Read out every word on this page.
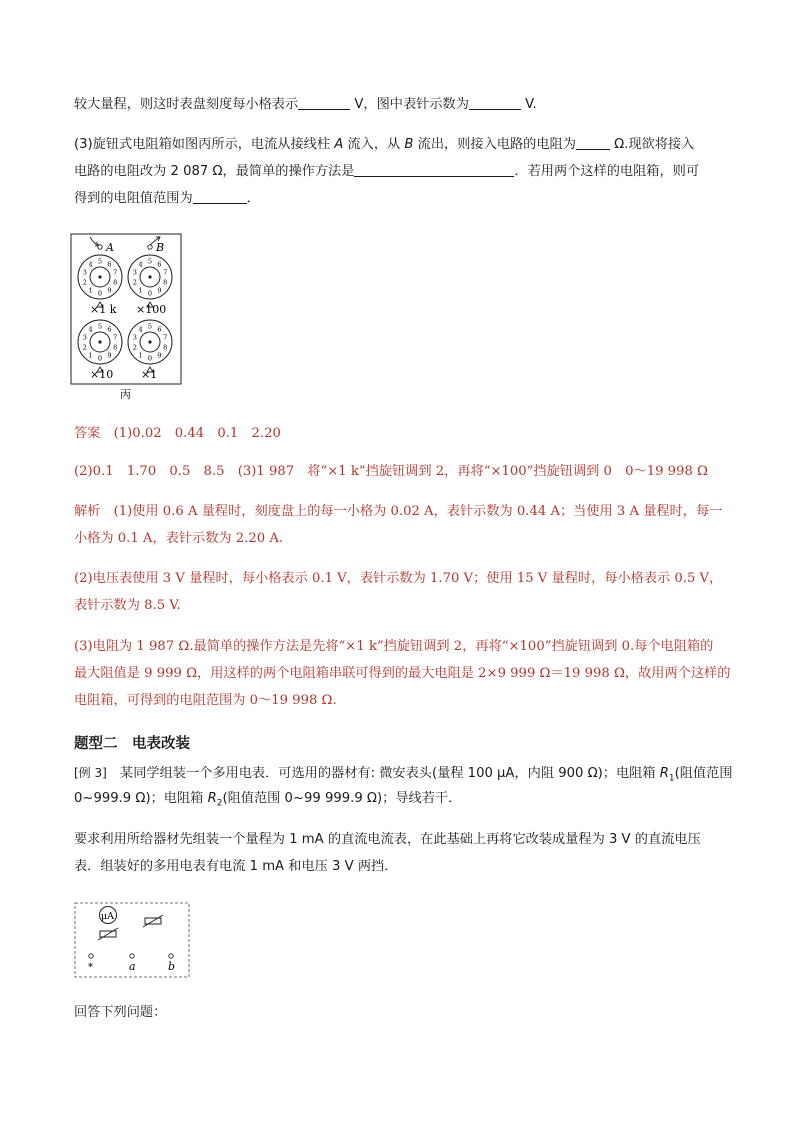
较大量程，则这时表盘刻度每小格表示	V，图中表针示数为	V.
(3)旋钮式电阻箱如图丙所示，电流从接线柱 A 流入，从 B 流出，则接入电路的电阻为	Ω.现欲将接入
电路的电阻改为 2 087 Ω，最简单的操作方法是	．若用两个这样的电阻箱，则可
得到的电阻值范围为	．
A	B
0
1
2
3
4 5 6
7
8
9	0
1
2
3
4 5 6
7
8
9
0
1
2
3
4 5 6
7
8
9	0
1
2
3
4 5 6
7
8
9
×1 k ×100
×10	×1
丙
答案　 (1)0.02　0.44　0.1　2.20
(2)0.1　1.70　0.5　8.5　(3)1 987　将“×1 k”挡旋钮调到 2，再将“×100”挡旋钮调到 0　0～19 998 Ω
解析　 (1)使用 0.6 A 量程时，刻度盘上的每一小格为 0.02 A，表针示数为 0.44 A；当使用 3 A 量程时，每一
小格为 0.1 A，表针示数为 2.20 A.
(2)电压表使用 3 V 量程时，每小格表示 0.1 V，表针示数为 1.70 V；使用 15 V 量程时，每小格表示 0.5 V，
表针示数为 8.5 V.
(3)电阻为 1 987 Ω.最简单的操作方法是先将“×1 k”挡旋钮调到 2，再将“×100”挡旋钮调到 0.每个电阻箱的
最大阻值是 9 999 Ω，用这样的两个电阻箱串联可得到的最大电阻是 2×9 999 Ω＝19 998 Ω，故用两个这样的
电阻箱，可得到的电阻范围为 0～19 998 Ω.
题型二　电表改装
[例 3]　某同学组装一个多用电表．可选用的器材有: 微安表头(量程 100 μA，内阻 900 Ω)；电阻箱 $R_1$(阻值范围
0~999.9 Ω)；电阻箱 $R_2$(阻值范围 0~99 999.9 Ω)；导线若干．
要求利用所给器材先组装一个量程为 1 mA 的直流电流表，在此基础上再将它改装成量程为 3 V 的直流电压
表．组装好的多用电表有电流 1 mA 和电压 3 V 两挡．
μA
*	a	b
回答下列问题：
